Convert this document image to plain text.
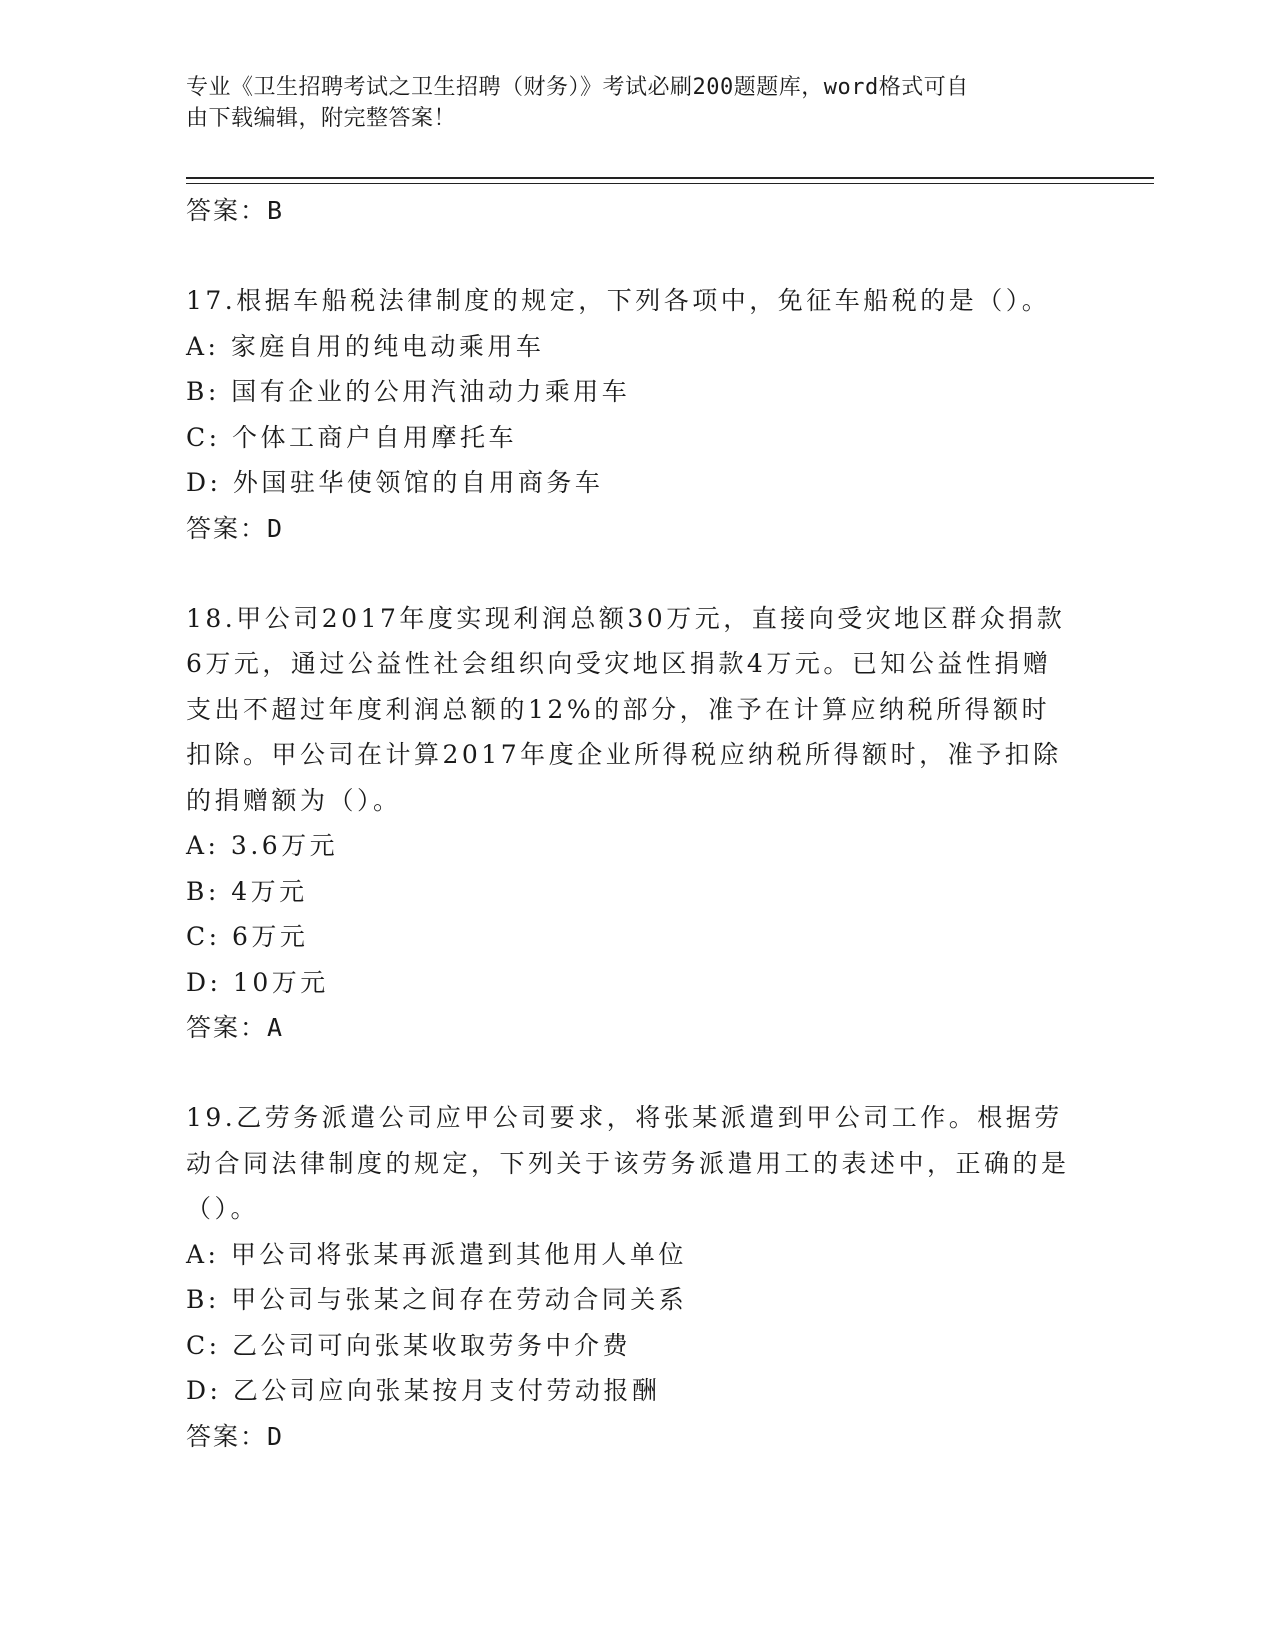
专业《卫生招聘考试之卫生招聘（财务）》考试必刷200题题库，word格式可自
由下载编辑，附完整答案！
答案：B

17.根据车船税法律制度的规定，下列各项中，免征车船税的是（）。

A: 家庭自用的纯电动乘用车
B: 国有企业的公用汽油动力乘用车
C: 个体工商户自用摩托车
D: 外国驻华使领馆的自用商务车
答案：D

18.甲公司2017年度实现利润总额30万元，直接向受灾地区群众捐款6万元，通过公益性社会组织向受灾地区捐款4万元。已知公益性捐赠支出不超过年度利润总额的12%的部分，准予在计算应纳税所得额时扣除。甲公司在计算2017年度企业所得税应纳税所得额时，准予扣除的捐赠额为（）。

A: 3.6万元
B: 4万元
C: 6万元
D: 10万元
答案：A

19.乙劳务派遣公司应甲公司要求，将张某派遣到甲公司工作。根据劳动合同法律制度的规定，下列关于该劳务派遣用工的表述中，正确的是（）。

A: 甲公司将张某再派遣到其他用人单位
B: 甲公司与张某之间存在劳动合同关系
C: 乙公司可向张某收取劳务中介费
D: 乙公司应向张某按月支付劳动报酬
答案：D
